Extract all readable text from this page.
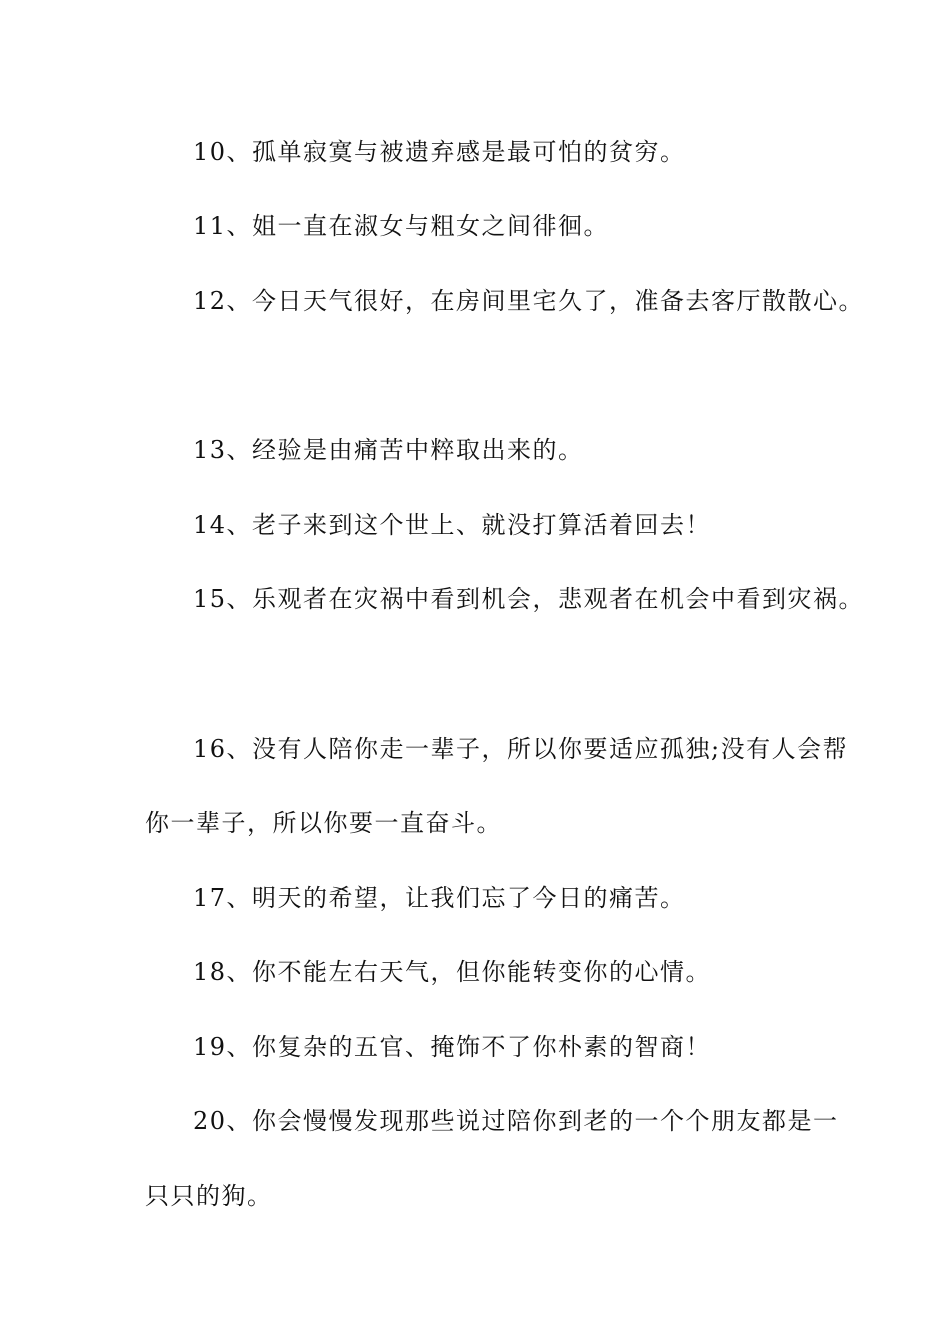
10、孤单寂寞与被遗弃感是最可怕的贫穷。

11、姐一直在淑女与粗女之间徘徊。

12、今日天气很好，在房间里宅久了，准备去客厅散散心。

13、经验是由痛苦中粹取出来的。

14、老子来到这个世上、就没打算活着回去！

15、乐观者在灾祸中看到机会，悲观者在机会中看到灾祸。

16、没有人陪你走一辈子，所以你要适应孤独;没有人会帮

你一辈子，所以你要一直奋斗。

17、明天的希望，让我们忘了今日的痛苦。

18、你不能左右天气，但你能转变你的心情。

19、你复杂的五官、掩饰不了你朴素的智商！

20、你会慢慢发现那些说过陪你到老的一个个朋友都是一

只只的狗。
